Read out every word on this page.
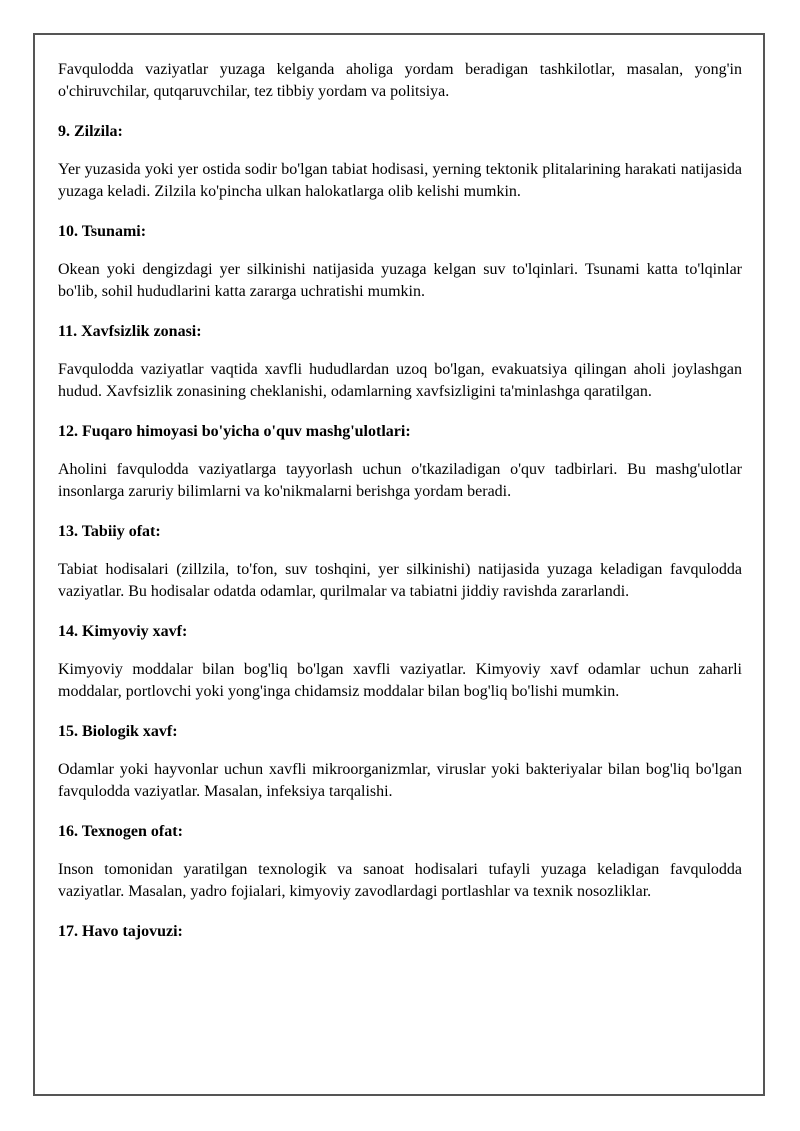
Favqulodda vaziyatlar yuzaga kelganda aholiga yordam beradigan tashkilotlar, masalan, yong'in o'chiruvchilar, qutqaruvchilar, tez tibbiy yordam va politsiya.

9. Zilzila:

Yer yuzasida yoki yer ostida sodir bo'lgan tabiat hodisasi, yerning tektonik plitalarining harakati natijasida yuzaga keladi. Zilzila ko'pincha ulkan halokatlarga olib kelishi mumkin.

10. Tsunami:

Okean yoki dengizdagi yer silkinishi natijasida yuzaga kelgan suv to'lqinlari. Tsunami katta to'lqinlar bo'lib, sohil hududlarini katta zararga uchratishi mumkin.

11. Xavfsizlik zonasi:

Favqulodda vaziyatlar vaqtida xavfli hududlardan uzoq bo'lgan, evakuatsiya qilingan aholi joylashgan hudud. Xavfsizlik zonasining cheklanishi, odamlarning xavfsizligini ta'minlashga qaratilgan.

12. Fuqaro himoyasi bo'yicha o'quv mashg'ulotlari:

Aholini favqulodda vaziyatlarga tayyorlash uchun o'tkaziladigan o'quv tadbirlari. Bu mashg'ulotlar insonlarga zaruriy bilimlarni va ko'nikmalarni berishga yordam beradi.

13. Tabiiy ofat:

Tabiat hodisalari (zillzila, to'fon, suv toshqini, yer silkinishi) natijasida yuzaga keladigan favqulodda vaziyatlar. Bu hodisalar odatda odamlar, qurilmalar va tabiatni jiddiy ravishda zararlandi.

14. Kimyoviy xavf:

Kimyoviy moddalar bilan bog'liq bo'lgan xavfli vaziyatlar. Kimyoviy xavf odamlar uchun zaharli moddalar, portlovchi yoki yong'inga chidamsiz moddalar bilan bog'liq bo'lishi mumkin.

15. Biologik xavf:

Odamlar yoki hayvonlar uchun xavfli mikroorganizmlar, viruslar yoki bakteriyalar bilan bog'liq bo'lgan favqulodda vaziyatlar. Masalan, infeksiya tarqalishi.

16. Texnogen ofat:

Inson tomonidan yaratilgan texnologik va sanoat hodisalari tufayli yuzaga keladigan favqulodda vaziyatlar. Masalan, yadro fojialari, kimyoviy zavodlardagi portlashlar va texnik nosozliklar.

17. Havo tajovuzi:
